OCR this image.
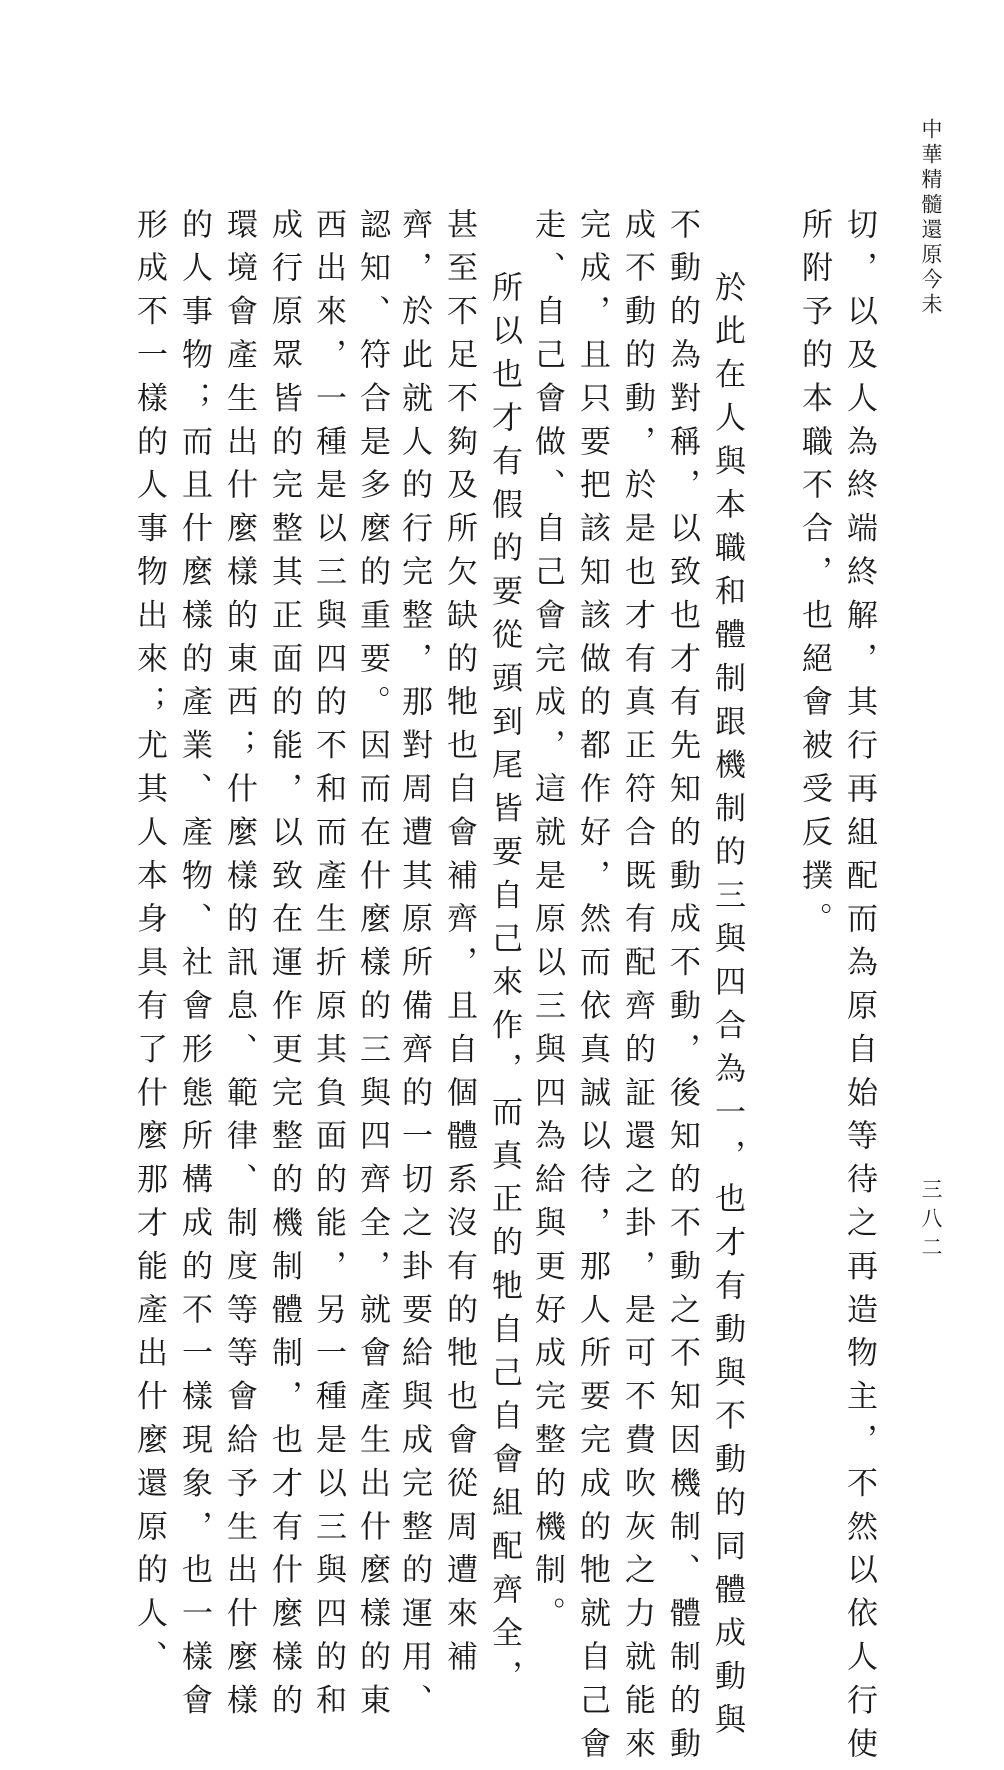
中華精髓還原今未
三八二
切，以及人為終端終解，其行再組配而為原自始等待之再造物主，不然以依人行使
所附予的本職不合，也絕會被受反撲。
於此在人與本職和體制跟機制的三與四合為一，也才有動與不動的同體成動與
不動的為對稱，以致也才有先知的動成不動，後知的不動之不知因機制、體制的動
成不動的動，於是也才有真正符合既有配齊的証還之卦，是可不費吹灰之力就能來
完成，且只要把該知該做的都作好，然而依真誠以待，那人所要完成的牠就自己會
走、自己會做、自己會完成，這就是原以三與四為給與更好成完整的機制。
所以也才有假的要從頭到尾皆要自己來作，而真正的牠自己自會組配齊全，
甚至不足不夠及所欠缺的牠也自會補齊，且自個體系沒有的牠也會從周遭來補
齊，於此就人的行完整，那對周遭其原所備齊的一切之卦要給與成完整的運用、
認知、符合是多麼的重要。因而在什麼樣的三與四齊全，就會產生出什麼樣的東
西出來，一種是以三與四的不和而產生折原其負面的能，另一種是以三與四的和
成行原眾皆的完整其正面的能，以致在運作更完整的機制體制，也才有什麼樣的
環境會產生出什麼樣的東西；什麼樣的訊息、範律、制度等等會給予生出什麼樣
的人事物；而且什麼樣的產業、產物、社會形態所構成的不一樣現象，也一樣會
形成不一樣的人事物出來；尤其人本身具有了什麼那才能產出什麼還原的人、
